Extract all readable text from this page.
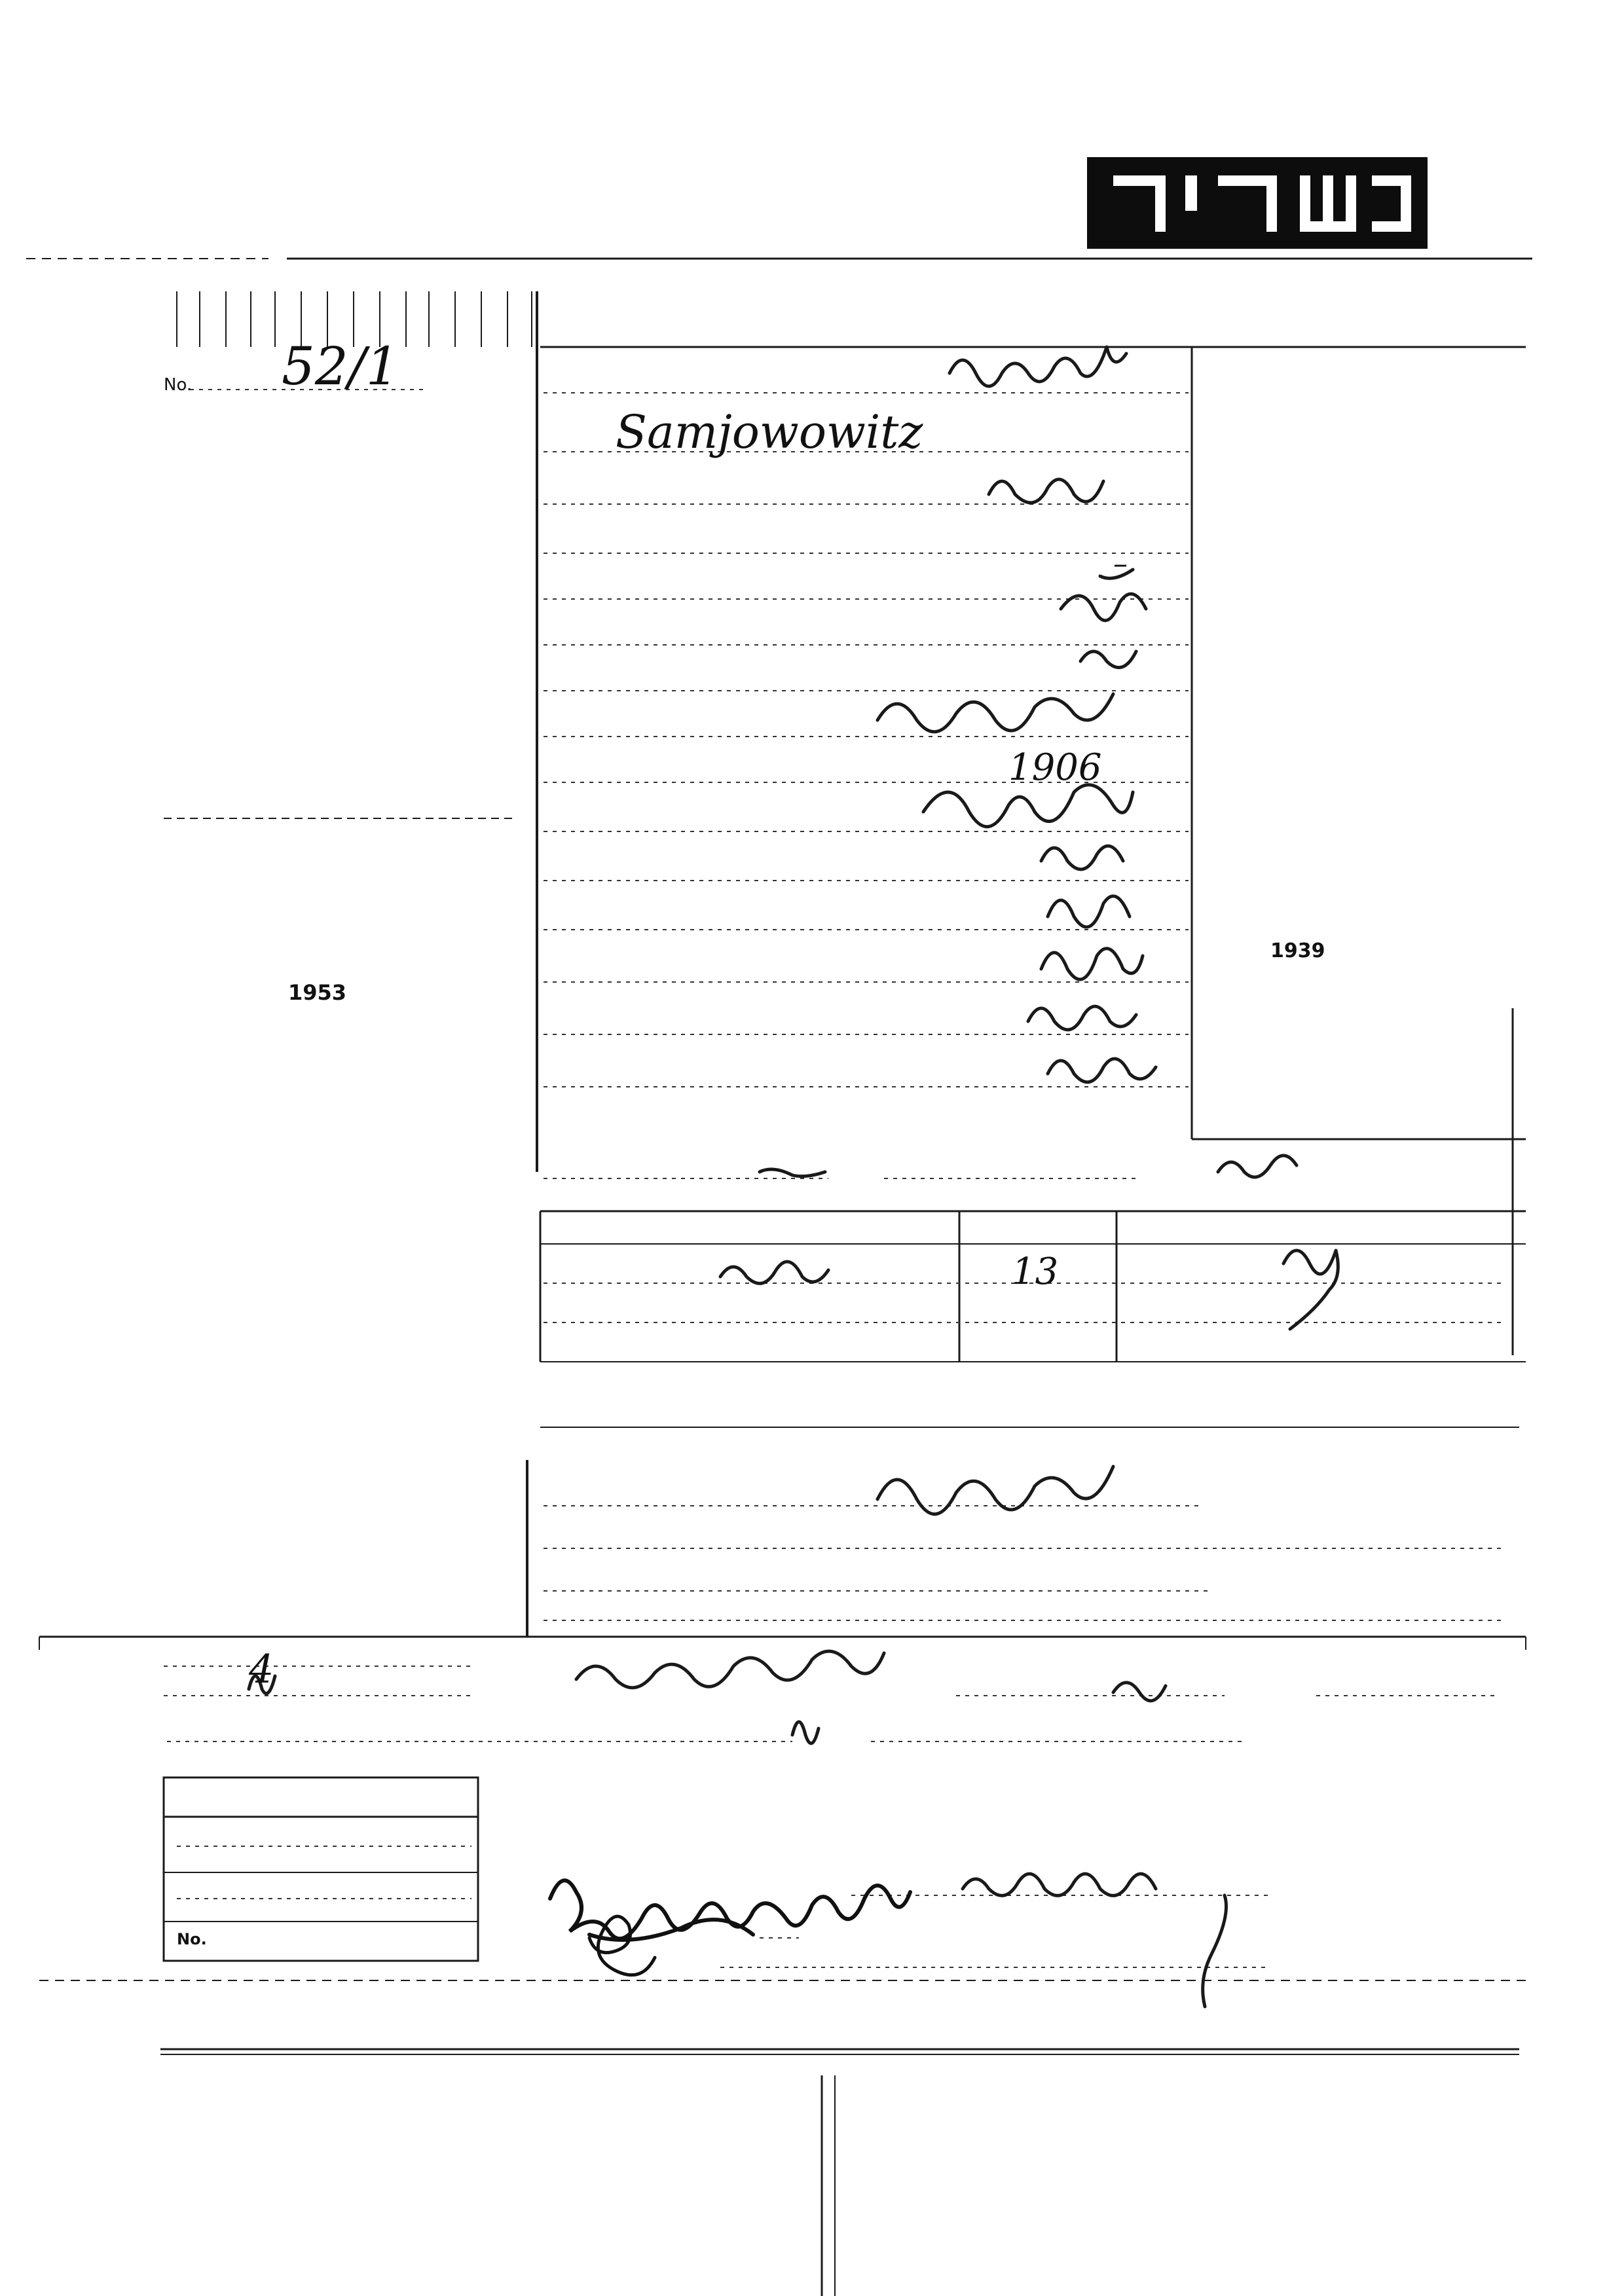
No. 52/1
1953
1939
Samjowowitz
–
1906
–
13
4
No.
